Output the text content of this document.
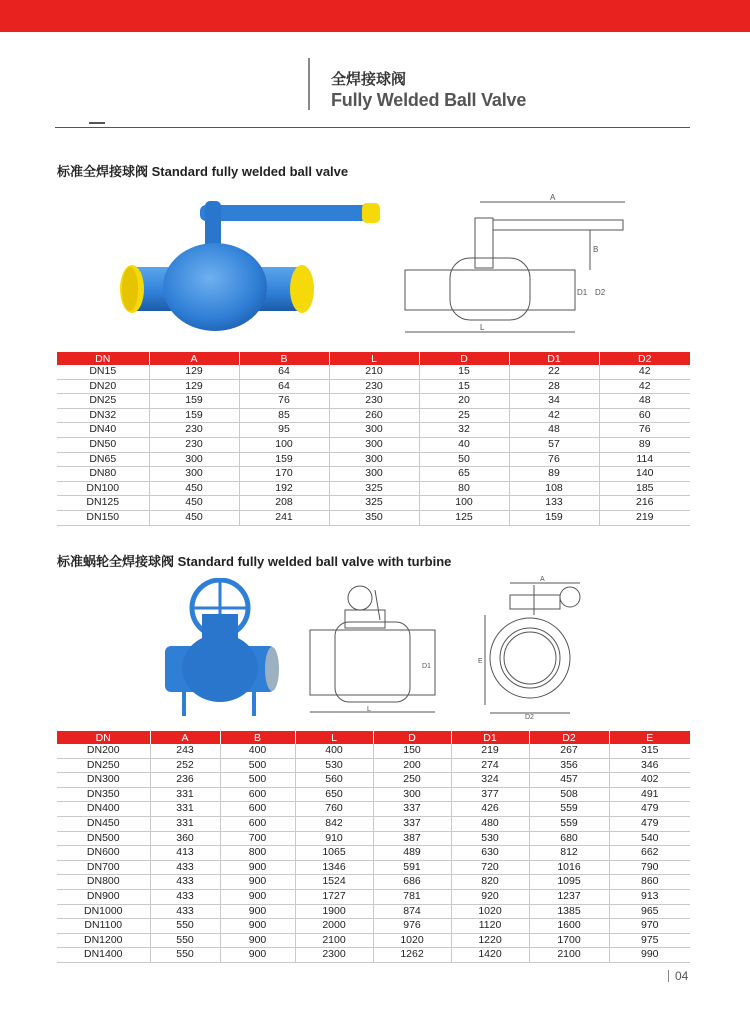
全焊接球阀
Fully Welded Ball Valve
标准全焊接球阀 Standard fully welded ball valve
A
B
D1 D2
L
DN	A	B	L	D	D1	D2
DN15	129	64	210	15	22	42
DN20	129	64	230	15	28	42
DN25	159	76	230	20	34	48
DN32	159	85	260	25	42	60
DN40	230	95	300	32	48	76
DN50	230	100	300	40	57	89
DN65	300	159	300	50	76	114
DN80	300	170	300	65	89	140
DN100	450	192	325	80	108	185
DN125	450	208	325	100	133	216
DN150	450	241	350	125	159	219
标准蜗轮全焊接球阀 Standard fully welded ball valve with turbine
L
D1
A
E
D2
DN	A	B	L	D	D1	D2	E
DN200	243	400	400	150	219	267	315
DN250	252	500	530	200	274	356	346
DN300	236	500	560	250	324	457	402
DN350	331	600	650	300	377	508	491
DN400	331	600	760	337	426	559	479
DN450	331	600	842	337	480	559	479
DN500	360	700	910	387	530	680	540
DN600	413	800	1065	489	630	812	662
DN700	433	900	1346	591	720	1016	790
DN800	433	900	1524	686	820	1095	860
DN900	433	900	1727	781	920	1237	913
DN1000	433	900	1900	874	1020	1385	965
DN1100	550	900	2000	976	1120	1600	970
DN1200	550	900	2100	1020	1220	1700	975
DN1400	550	900	2300	1262	1420	2100	990
04
